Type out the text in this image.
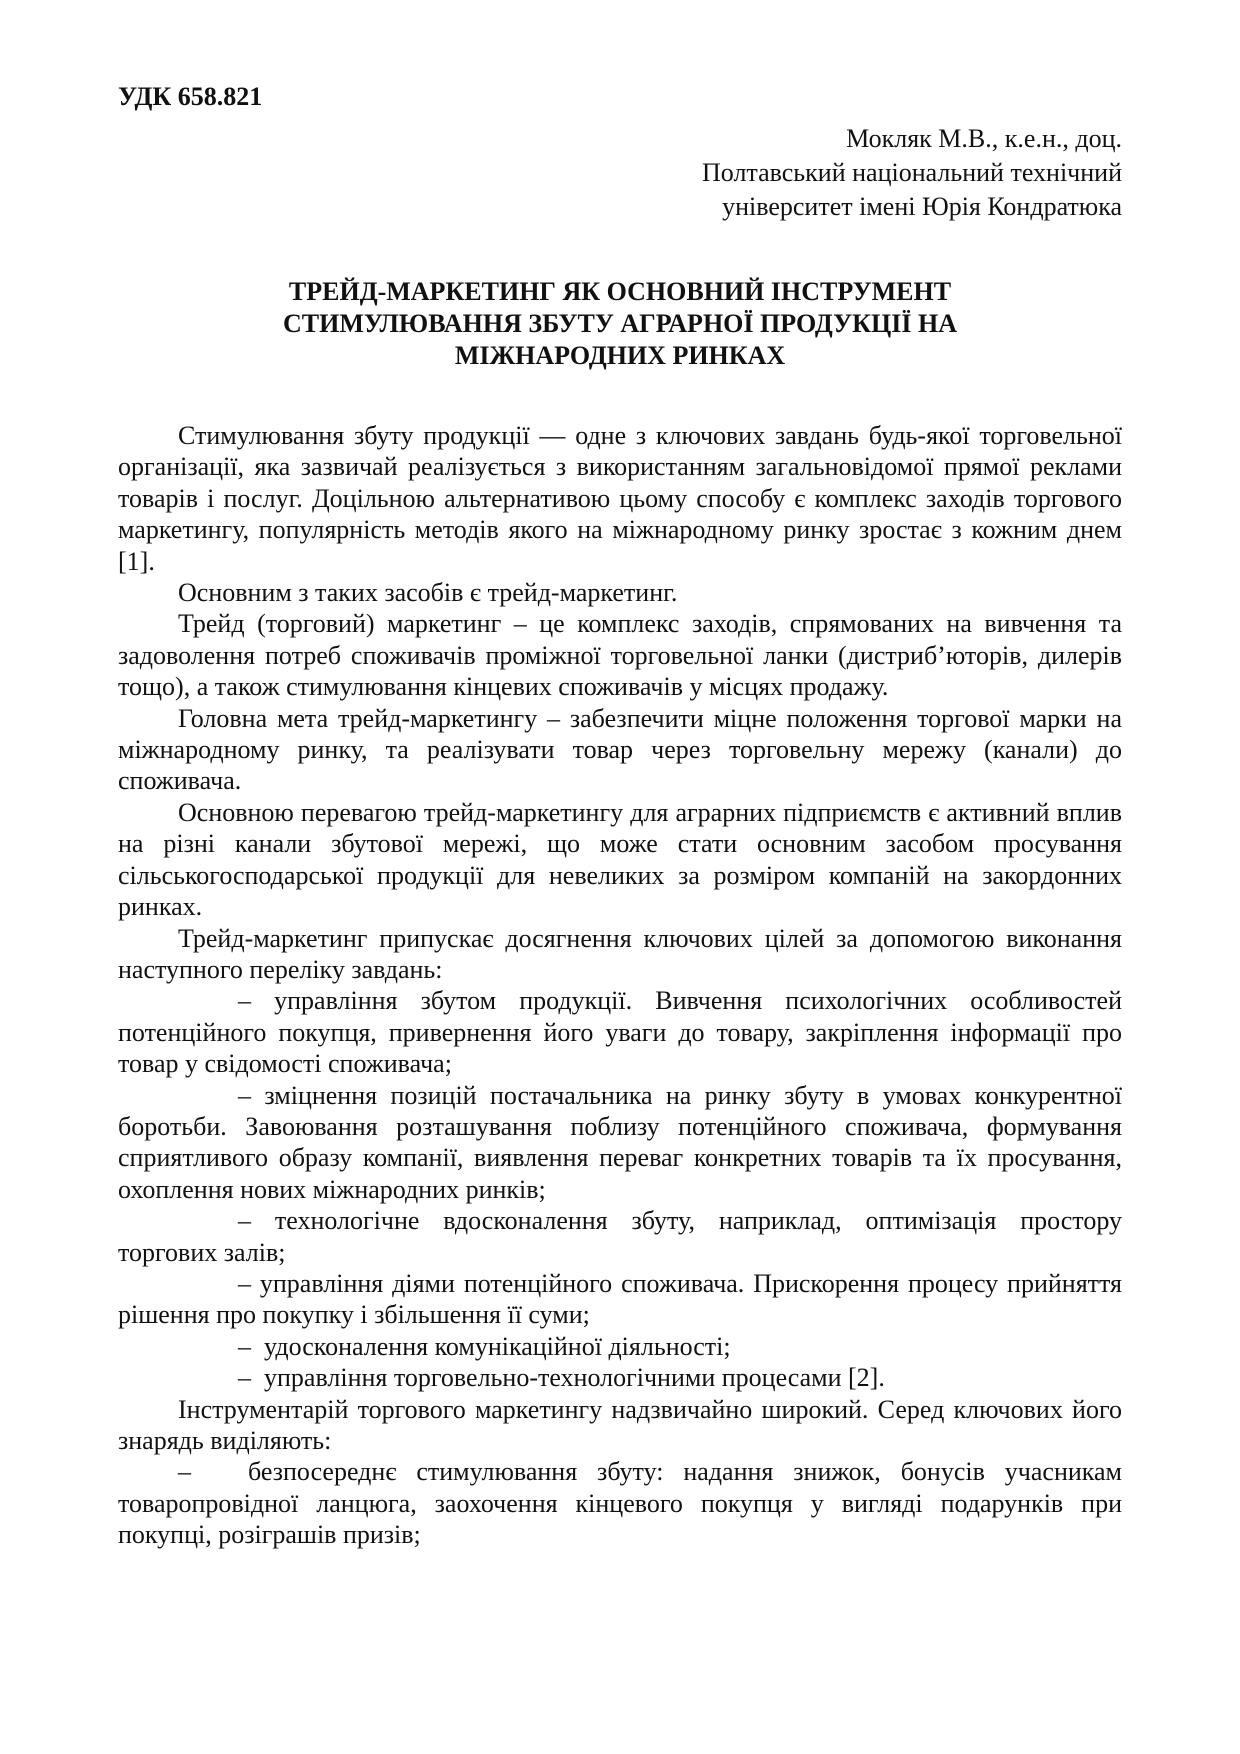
УДК 658.821
Мокляк М.В., к.е.н., доц.
Полтавський національний технічний
університет імені Юрія Кондратюка
ТРЕЙД-МАРКЕТИНГ ЯК ОСНОВНИЙ ІНСТРУМЕНТ
СТИМУЛЮВАННЯ ЗБУТУ АГРАРНОЇ ПРОДУКЦІЇ НА
МІЖНАРОДНИХ РИНКАХ

Стимулювання збуту продукції — одне з ключових завдань будь-якої торговельної організації, яка зазвичай реалізується з використанням загальновідомої прямої реклами товарів і послуг. Доцільною альтернативою цьому способу є комплекс заходів торгового маркетингу, популярність методів якого на міжнародному ринку зростає з кожним днем [1].

Основним з таких засобів є трейд-маркетинг.

Трейд (торговий) маркетинг – це комплекс заходів, спрямованих на вивчення та задоволення потреб споживачів проміжної торговельної ланки (дистриб’юторів, дилерів тощо), а також стимулювання кінцевих споживачів у місцях продажу.

Головна мета трейд-маркетингу – забезпечити міцне положення торгової марки на міжнародному ринку, та реалізувати товар через торговельну мережу (канали) до споживача.

Основною перевагою трейд-маркетингу для аграрних підприємств є активний вплив на різні канали збутової мережі, що може стати основним засобом просування сільськогосподарської продукції для невеликих за розміром компаній на закордонних ринках.

Трейд-маркетинг припускає досягнення ключових цілей за допомогою виконання наступного переліку завдань:

– управління збутом продукції. Вивчення психологічних особливостей потенційного покупця, привернення його уваги до товару, закріплення інформації про товар у свідомості споживача;

– зміцнення позицій постачальника на ринку збуту в умовах конкурентної боротьби. Завоювання розташування поблизу потенційного споживача, формування сприятливого образу компанії, виявлення переваг конкретних товарів та їх просування, охоплення нових міжнародних ринків;

– технологічне вдосконалення збуту, наприклад, оптимізація простору торгових залів;

– управління діями потенційного споживача. Прискорення процесу прийняття рішення про покупку і збільшення її суми;

– удосконалення комунікаційної діяльності;

– управління торговельно-технологічними процесами [2].

Інструментарій торгового маркетингу надзвичайно широкий. Серед ключових його знарядь виділяють:

– безпосереднє стимулювання збуту: надання знижок, бонусів учасникам товаропровідної ланцюга, заохочення кінцевого покупця у вигляді подарунків при покупці, розіграшів призів;
